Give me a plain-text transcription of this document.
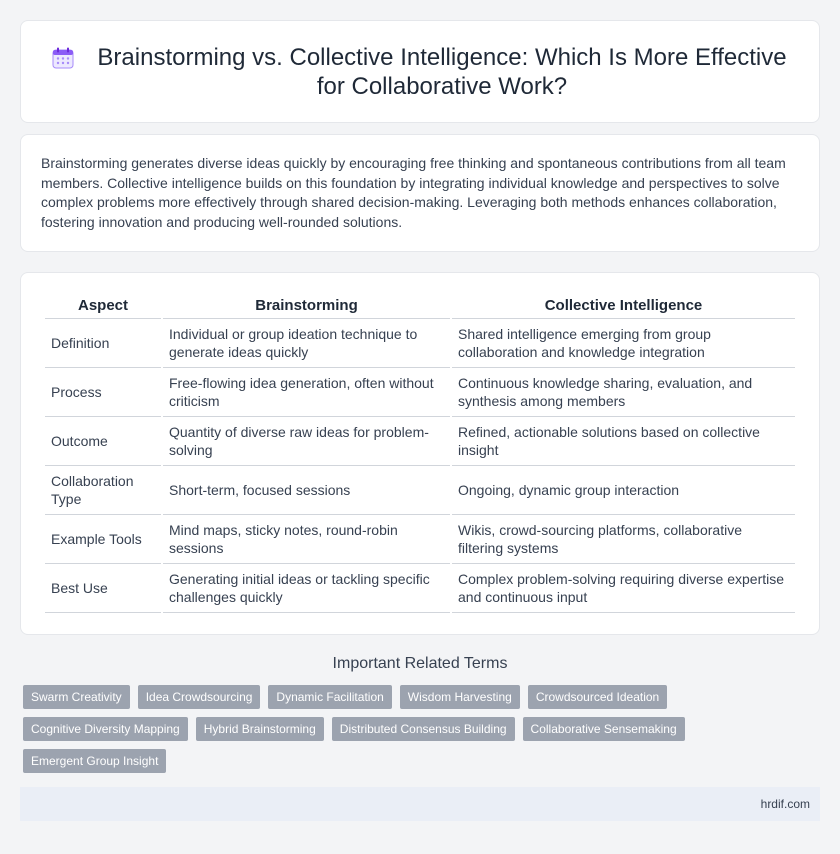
Brainstorming vs. Collective Intelligence: Which Is More Effective for Collaborative Work?

Brainstorming generates diverse ideas quickly by encouraging free thinking and spontaneous contributions from all team members. Collective intelligence builds on this foundation by integrating individual knowledge and perspectives to solve complex problems more effectively through shared decision-making. Leveraging both methods enhances collaboration, fostering innovation and producing well-rounded solutions.

Aspect	Brainstorming	Collective Intelligence
Definition	Individual or group ideation technique to generate ideas quickly	Shared intelligence emerging from group collaboration and knowledge integration
Process	Free-flowing idea generation, often without criticism	Continuous knowledge sharing, evaluation, and synthesis among members
Outcome	Quantity of diverse raw ideas for problem-solving	Refined, actionable solutions based on collective insight
Collaboration Type	Short-term, focused sessions	Ongoing, dynamic group interaction
Example Tools	Mind maps, sticky notes, round-robin sessions	Wikis, crowd-sourcing platforms, collaborative filtering systems
Best Use	Generating initial ideas or tackling specific challenges quickly	Complex problem-solving requiring diverse expertise and continuous input
Important Related Terms
Swarm Creativity	Idea Crowdsourcing	Dynamic Facilitation	Wisdom Harvesting	Crowdsourced Ideation
Cognitive Diversity Mapping	Hybrid Brainstorming	Distributed Consensus Building	Collaborative Sensemaking
Emergent Group Insight
hrdif.com
